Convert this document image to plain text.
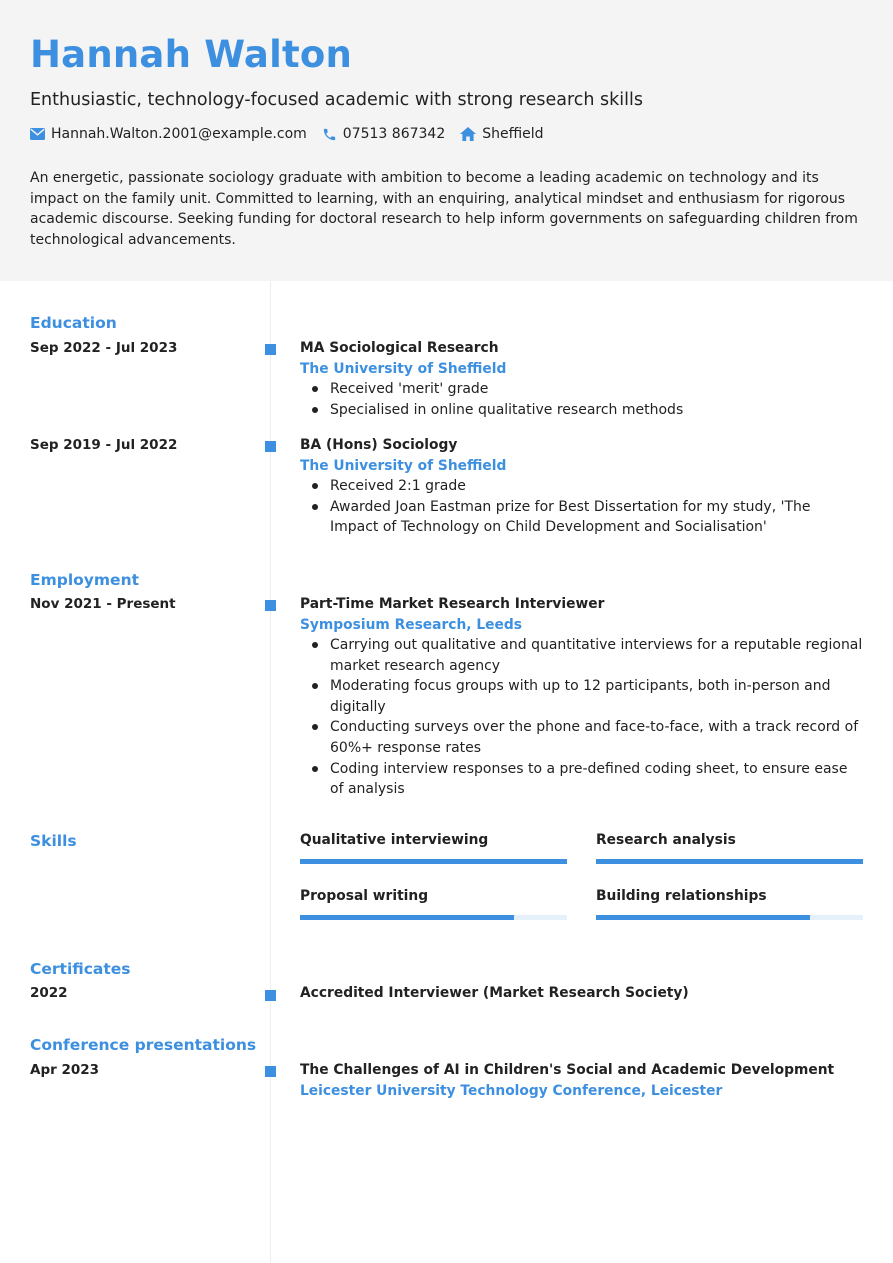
Hannah Walton
Enthusiastic, technology-focused academic with strong research skills
Hannah.Walton.2001@example.com	07513 867342	Sheffield
An energetic, passionate sociology graduate with ambition to become a leading academic on technology and its impact on the family unit. Committed to learning, with an enquiring, analytical mindset and enthusiasm for rigorous academic discourse. Seeking funding for doctoral research to help inform governments on safeguarding children from technological advancements.
Education
Sep 2022 - Jul 2023	MA Sociological Research
The University of Sheffield
Received 'merit' grade
Specialised in online qualitative research methods
Sep 2019 - Jul 2022	BA (Hons) Sociology
The University of Sheffield
Received 2:1 grade
Awarded Joan Eastman prize for Best Dissertation for my study, 'The Impact of Technology on Child Development and Socialisation'
Employment
Nov 2021 - Present	Part-Time Market Research Interviewer
Symposium Research, Leeds
Carrying out qualitative and quantitative interviews for a reputable regional market research agency
Moderating focus groups with up to 12 participants, both in-person and digitally
Conducting surveys over the phone and face-to-face, with a track record of 60%+ response rates
Coding interview responses to a pre-defined coding sheet, to ensure ease of analysis
Skills	Qualitative interviewing	Research analysis
Proposal writing	Building relationships
Certificates
2022	Accredited Interviewer (Market Research Society)
Conference presentations
Apr 2023	The Challenges of AI in Children's Social and Academic Development
Leicester University Technology Conference, Leicester
